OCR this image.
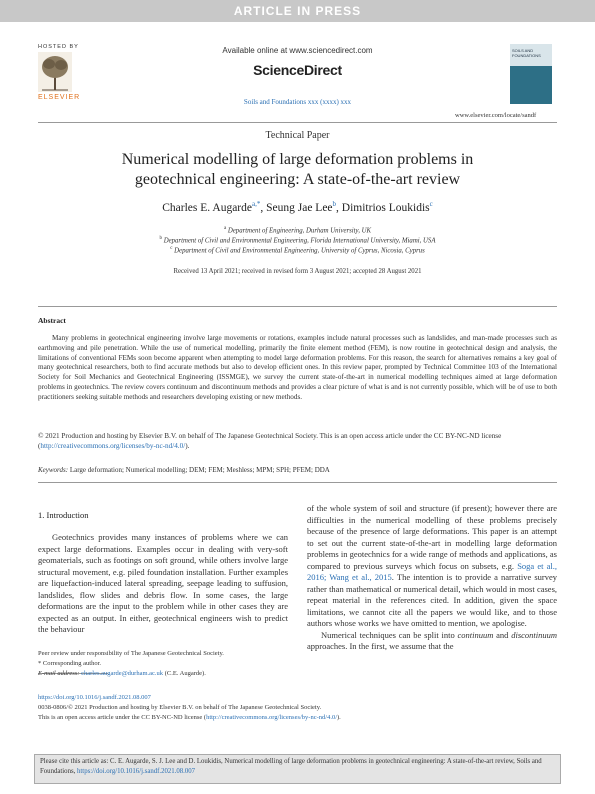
ARTICLE IN PRESS
HOSTED BY
ELSEVIER
Available online at www.sciencedirect.com
ScienceDirect
Soils and Foundations xxx (xxxx) xxx
SOILS AND FOUNDATIONS
www.elsevier.com/locate/sandf
Technical Paper
Numerical modelling of large deformation problems in
geotechnical engineering: A state-of-the-art review
Charles E. Augarde$^{a,*}$, Seung Jae Lee$^b$, Dimitrios Loukidis$^c$
$^a$ Department of Engineering, Durham University, UK
$^b$ Department of Civil and Environmental Engineering, Florida International University, Miami, USA
$^c$ Department of Civil and Environmental Engineering, University of Cyprus, Nicosia, Cyprus
Received 13 April 2021; received in revised form 3 August 2021; accepted 28 August 2021
Abstract
Many problems in geotechnical engineering involve large movements or rotations, examples include natural processes such as landslides, and man-made processes such as earthmoving and pile penetration. While the use of numerical modelling, primarily the finite element method (FEM), is now routine in geotechnical design and analysis, the limitations of conventional FEMs soon become apparent when attempting to model large deformation problems. For this reason, the search for alternatives remains a key goal of many geotechnical researchers, both to find accurate methods but also to develop efficient ones. In this review paper, prompted by Technical Committee 103 of the International Society for Soil Mechanics and Geotechnical Engineering (ISSMGE), we survey the current state-of-the-art in numerical modelling techniques aimed at large deformation problems in geotechnics. The review covers continuum and discontinuum methods and provides a clear picture of what is and is not currently possible, which will be of use to both practitioners seeking suitable methods and researchers developing existing or new methods.
© 2021 Production and hosting by Elsevier B.V. on behalf of The Japanese Geotechnical Society. This is an open access article under the CC BY-NC-ND license (http://creativecommons.org/licenses/by-nc-nd/4.0/).
Keywords: Large deformation; Numerical modelling; DEM; FEM; Meshless; MPM; SPH; PFEM; DDA
1. Introduction

Geotechnics provides many instances of problems where we can expect large deformations. Examples occur in dealing with very-soft geomaterials, such as footings on soft ground, while others involve large structural movement, e.g. piled foundation installation. Further examples are liquefaction-induced lateral spreading, seepage leading to suffusion, landslides, flow slides and debris flow. In some cases, the large deformations are the input to the problem while in other cases they are expected as an output. In either, geotechnical engineers wish to predict the behaviour

of the whole system of soil and structure (if present); however there are difficulties in the numerical modelling of these problems precisely because of the presence of large deformations. This paper is an attempt to set out the current state-of-the-art in modelling large deformation problems in geotechnics for a wide range of methods and applications, as compared to previous surveys which focus on subsets, e.g. Soga et al., 2016; Wang et al., 2015. The intention is to provide a narrative survey rather than mathematical or numerical detail, which would in most cases, repeat material in the references cited. In addition, given the space limitations, we cannot cite all the papers we would like, and to those authors whose works we have omitted to mention, we apologise.

Numerical techniques can be split into continuum and discontinuum approaches. In the first, we assume that the

Peer review under responsibility of The Japanese Geotechnical Society.
* Corresponding author.
E-mail address: charles.augarde@durham.ac.uk (C.E. Augarde).
https://doi.org/10.1016/j.sandf.2021.08.007
0038-0806/© 2021 Production and hosting by Elsevier B.V. on behalf of The Japanese Geotechnical Society.
This is an open access article under the CC BY-NC-ND license (http://creativecommons.org/licenses/by-nc-nd/4.0/).
Please cite this article as: C. E. Augarde, S. J. Lee and D. Loukidis, Numerical modelling of large deformation problems in geotechnical engineering: A state-of-the-art review, Soils and Foundations, https://doi.org/10.1016/j.sandf.2021.08.007
